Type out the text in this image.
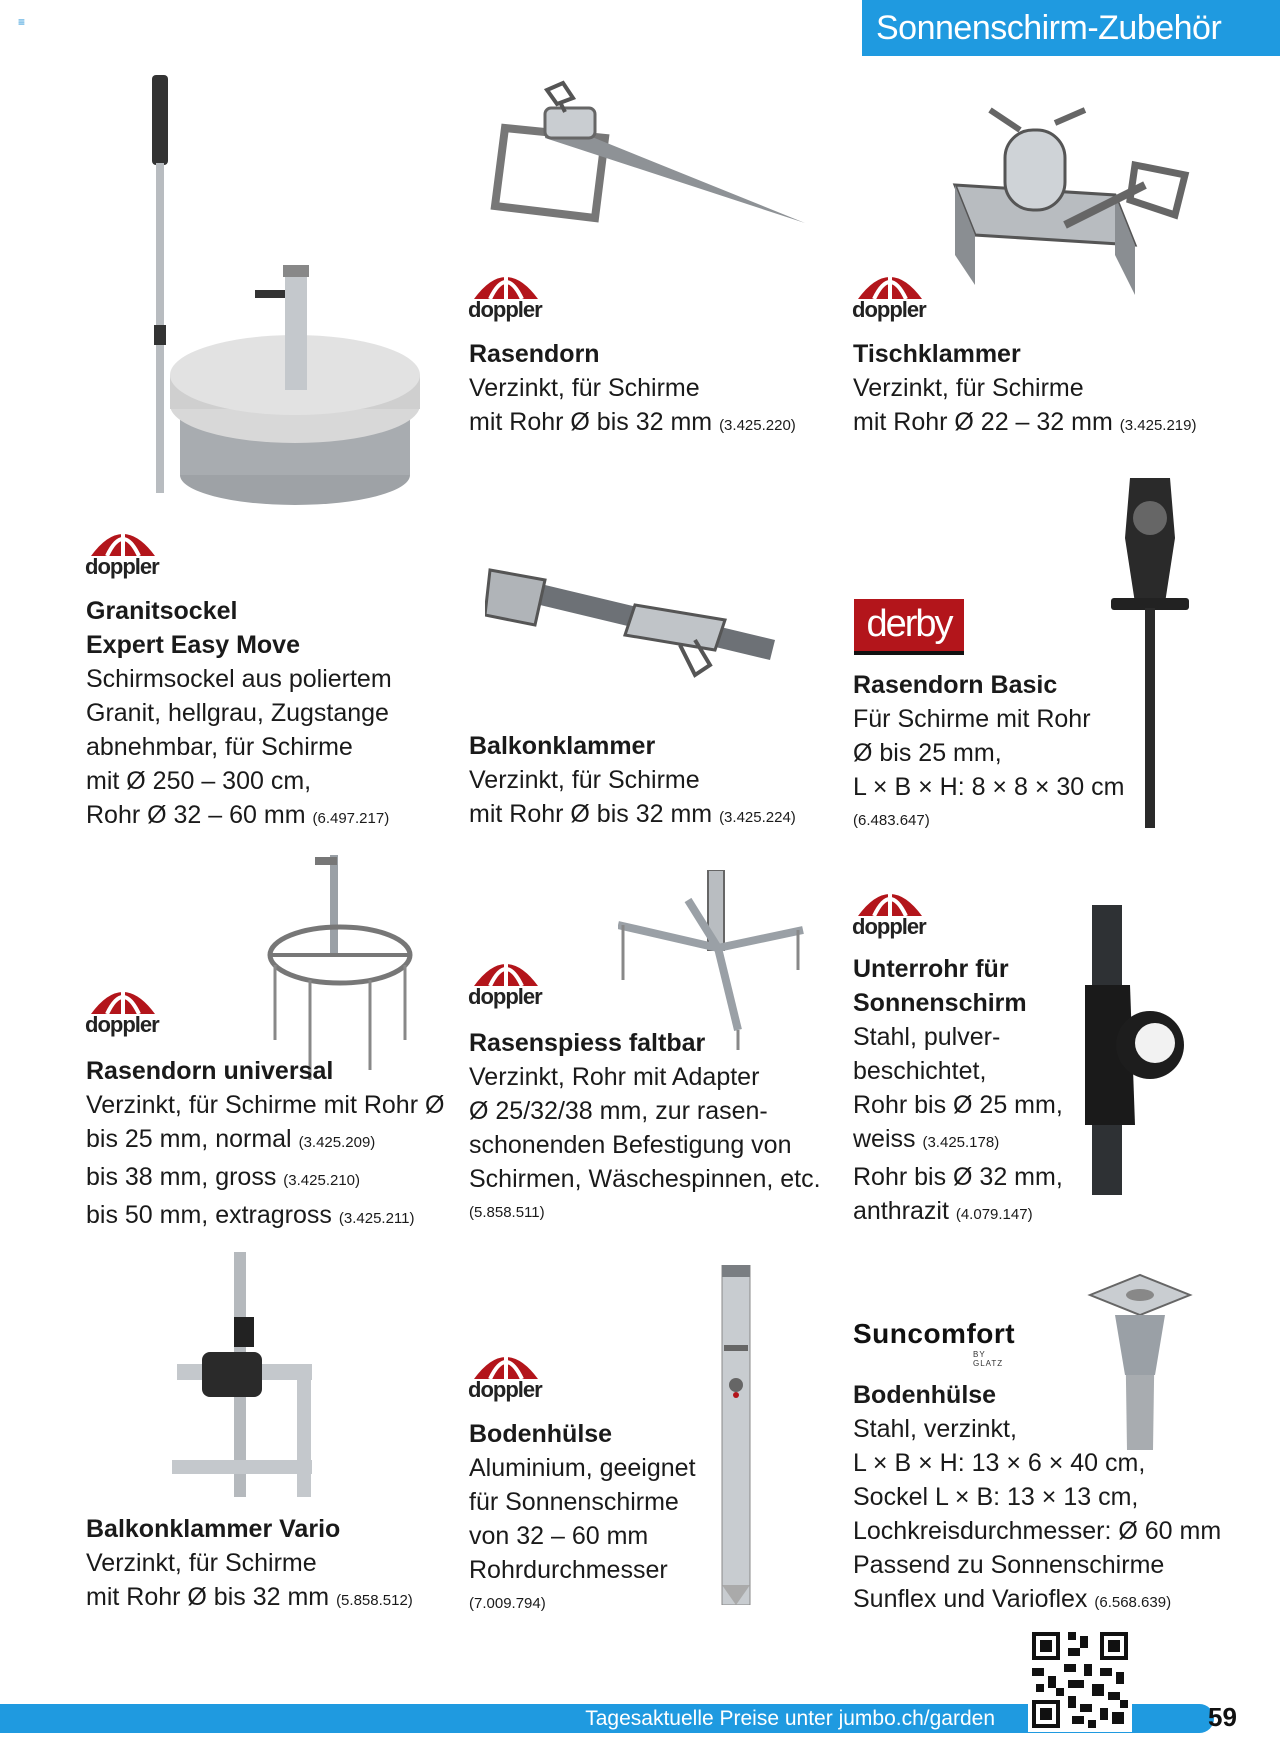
≡	Sonnenschirm-Zubehör
doppler	doppler
doppler
doppler
doppler
doppler
doppler
derby
Suncomfort
BY GLATZ
Rasendorn
Verzinkt, für Schirme
mit Rohr Ø bis 32 mm (3.425.220)
Tischklammer
Verzinkt, für Schirme
mit Rohr Ø 22 – 32 mm (3.425.219)
Granitsockel
Expert Easy Move
Schirmsockel aus poliertem
Granit, hellgrau, Zugstange
abnehmbar, für Schirme
mit Ø 250 – 300 cm,
Rohr Ø 32 – 60 mm (6.497.217)
Balkonklammer
Verzinkt, für Schirme
mit Rohr Ø bis 32 mm (3.425.224)
Rasendorn Basic
Für Schirme mit Rohr
Ø bis 25 mm,
L × B × H: 8 × 8 × 30 cm
(6.483.647)
Rasendorn universal
Verzinkt, für Schirme mit Rohr Ø
bis 25 mm, normal (3.425.209)
bis 38 mm, gross (3.425.210)
bis 50 mm, extragross (3.425.211)
Rasenspiess faltbar
Verzinkt, Rohr mit Adapter
Ø 25/32/38 mm, zur rasen-
schonenden Befestigung von
Schirmen, Wäschespinnen, etc.
(5.858.511)
Unterrohr für
Sonnenschirm
Stahl, pulver-
beschichtet,
Rohr bis Ø 25 mm,
weiss (3.425.178)
Rohr bis Ø 32 mm,
anthrazit (4.079.147)
Balkonklammer Vario
Verzinkt, für Schirme
mit Rohr Ø bis 32 mm (5.858.512)
Bodenhülse
Aluminium, geeignet
für Sonnenschirme
von 32 – 60 mm
Rohrdurchmesser
(7.009.794)
Bodenhülse
Stahl, verzinkt,
L × B × H: 13 × 6 × 40 cm,
Sockel L × B: 13 × 13 cm,
Lochkreisdurchmesser: Ø 60 mm
Passend zu Sonnenschirme
Sunflex und Varioflex (6.568.639)
Tagesaktuelle Preise unter jumbo.ch/garden	59
